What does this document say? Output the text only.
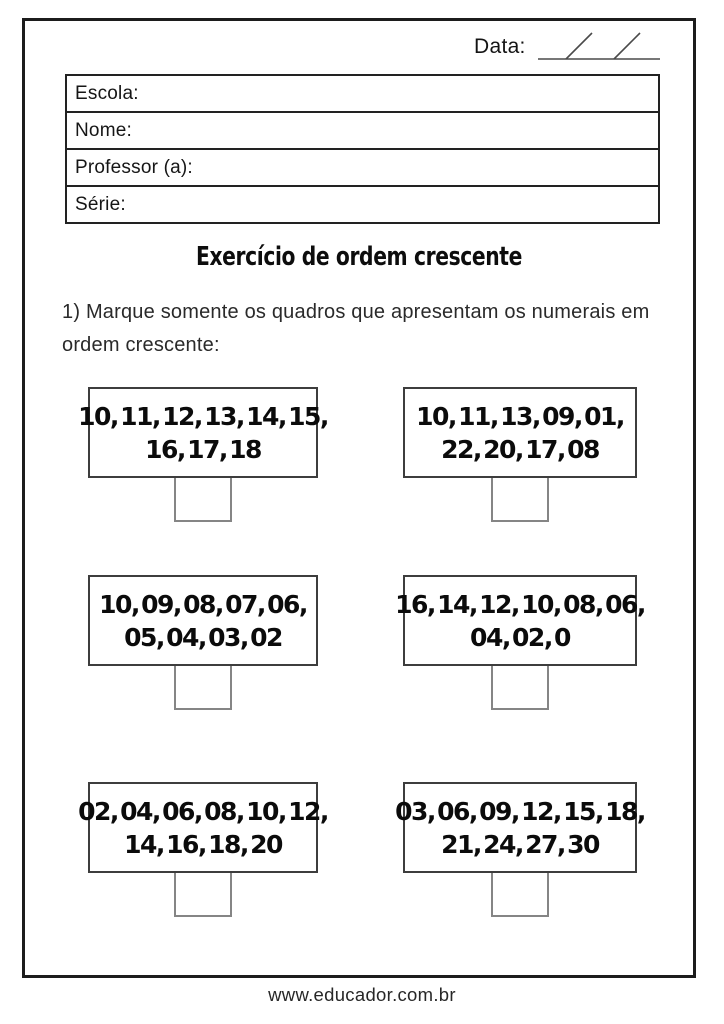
Data:
Escola:
Nome:
Professor (a):
Série:
Exercício de ordem crescente
1) Marque somente os quadros que apresentam os numerais em ordem crescente:
10, 11, 12, 13, 14, 15,
16, 17, 18
10, 11, 13, 09, 01,
22, 20, 17, 08
10, 09, 08, 07, 06,
05, 04, 03, 02
16, 14, 12, 10, 08, 06,
04, 02, 0
02, 04, 06, 08, 10, 12,
14, 16, 18, 20
03, 06, 09, 12, 15, 18,
21, 24, 27, 30
www.educador.com.br
